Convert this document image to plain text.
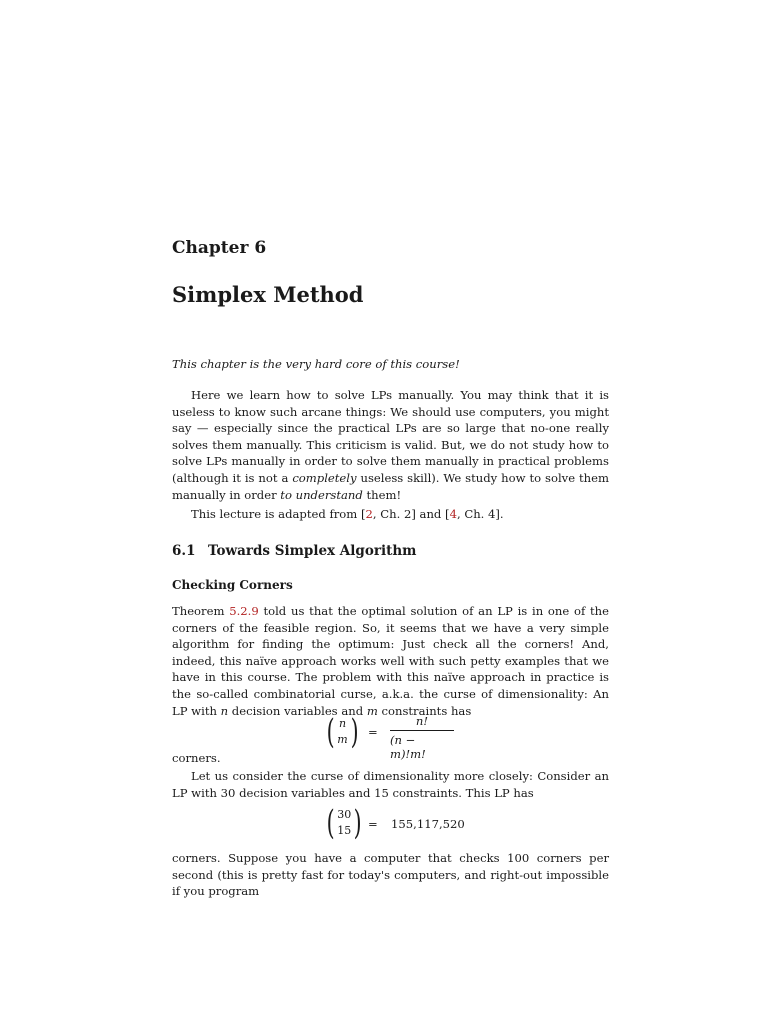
Chapter 6
Simplex Method
This chapter is the very hard core of this course!
Here we learn how to solve LPs manually. You may think that it is useless to know such arcane things: We should use computers, you might say — especially since the practical LPs are so large that no-one really solves them manually. This criticism is valid. But, we do not study how to solve LPs manually in order to solve them manually in practical problems (although it is not a completely useless skill). We study how to solve them manually in order to understand them!
This lecture is adapted from [2, Ch. 2] and [4, Ch. 4].
6.1 Towards Simplex Algorithm
Checking Corners
Theorem 5.2.9 told us that the optimal solution of an LP is in one of the corners of the feasible region. So, it seems that we have a very simple algorithm for finding the optimum: Just check all the corners! And, indeed, this naïve approach works well with such petty examples that we have in this course. The problem with this naïve approach in practice is the so-called combinatorial curse, a.k.a. the curse of dimensionality: An LP with n decision variables and m constraints has
( n
m ) = $\frac{n!}{(n - m)!m!}$
corners.
Let us consider the curse of dimensionality more closely: Consider an LP with 30 decision variables and 15 constraints. This LP has
( 30
15 ) = 155,117,520
corners. Suppose you have a computer that checks 100 corners per second (this is pretty fast for today's computers, and right-out impossible if you program
